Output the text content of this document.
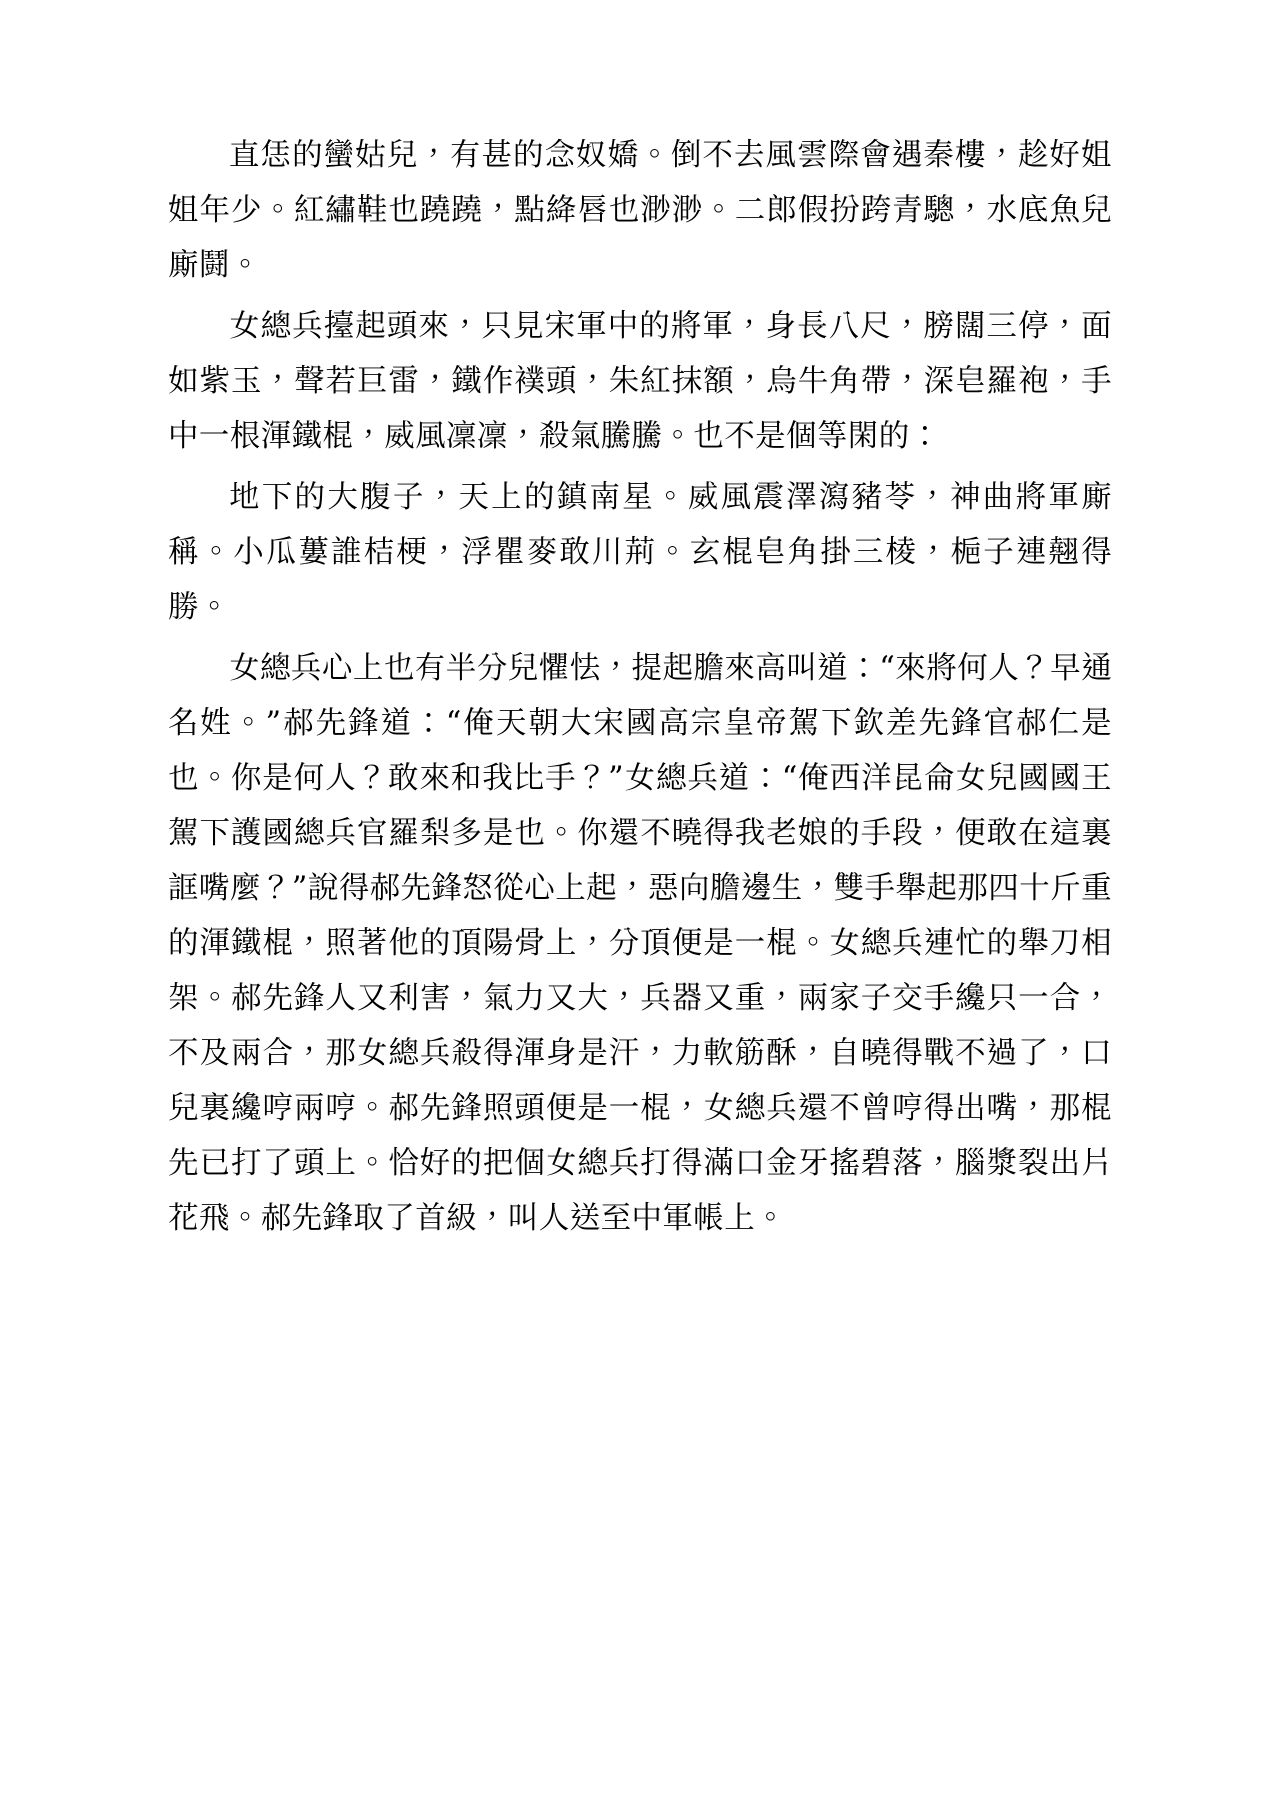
直恁的蠻姑兒，有甚的念奴嬌。倒不去風雲際會遇秦樓，趁好姐姐年少。紅繡鞋也蹺蹺，點絳唇也渺渺。二郎假扮跨青驄，水底魚兒廝鬪。

女總兵擡起頭來，只見宋軍中的將軍，身長八尺，膀闊三停，面如紫玉，聲若巨雷，鐵作襆頭，朱紅抹額，烏牛角帶，深皂羅袍，手中一根渾鐵棍，威風凜凜，殺氣騰騰。也不是個等閑的：

地下的大腹子，天上的鎮南星。威風震澤瀉豬苓，神曲將軍廝稱。小瓜蔞誰桔梗，浮瞿麥敢川荊。玄棍皂角掛三棱，梔子連翹得勝。

女總兵心上也有半分兒懼怯，提起膽來高叫道：“來將何人？早通名姓。”郝先鋒道：“俺天朝大宋國高宗皇帝駕下欽差先鋒官郝仁是也。你是何人？敢來和我比手？”女總兵道：“俺西洋昆侖女兒國國王駕下護國總兵官羅梨多是也。你還不曉得我老娘的手段，便敢在這裏誆嘴麼？”說得郝先鋒怒從心上起，惡向膽邊生，雙手舉起那四十斤重的渾鐵棍，照著他的頂陽骨上，分頂便是一棍。女總兵連忙的舉刀相架。郝先鋒人又利害，氣力又大，兵器又重，兩家子交手纔只一合，不及兩合，那女總兵殺得渾身是汗，力軟筋酥，自曉得戰不過了，口兒裏纔哼兩哼。郝先鋒照頭便是一棍，女總兵還不曾哼得出嘴，那棍先已打了頭上。恰好的把個女總兵打得滿口金牙搖碧落，腦漿裂出片花飛。郝先鋒取了首級，叫人送至中軍帳上。
